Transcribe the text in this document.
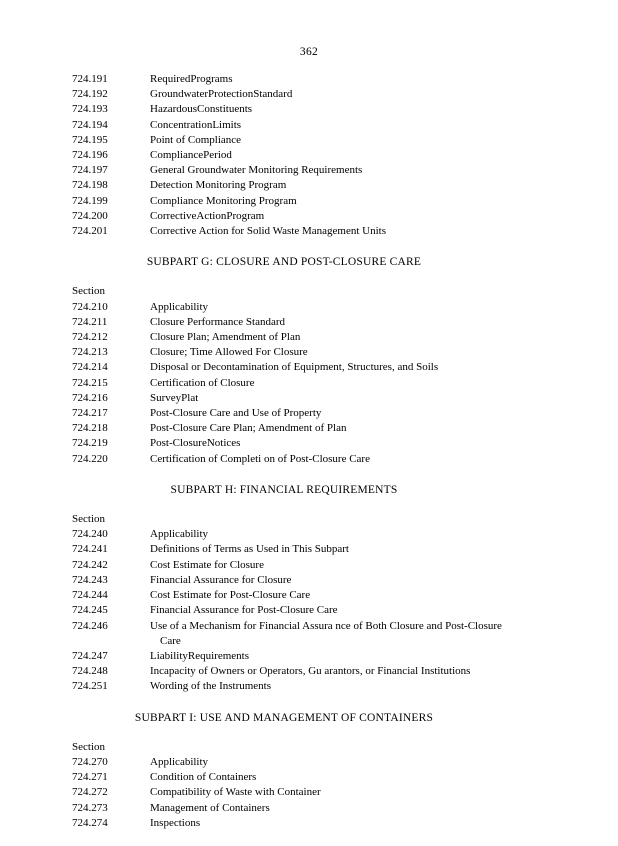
362
724.191	RequiredPrograms
724.192	GroundwaterProtectionStandard
724.193	HazardousConstituents
724.194	ConcentrationLimits
724.195	Point of Compliance
724.196	CompliancePeriod
724.197	General Groundwater Monitoring Requirements
724.198	Detection Monitoring Program
724.199	Compliance Monitoring Program
724.200	CorrectiveActionProgram
724.201	Corrective Action for Solid Waste Management Units
SUBPART G: CLOSURE AND POST-CLOSURE CARE
Section
724.210	Applicability
724.211	Closure Performance Standard
724.212	Closure Plan; Amendment of Plan
724.213	Closure; Time Allowed For Closure
724.214	Disposal or Decontamination of Equipment, Structures, and Soils
724.215	Certification of Closure
724.216	SurveyPlat
724.217	Post-Closure Care and Use of Property
724.218	Post-Closure Care Plan; Amendment of Plan
724.219	Post-ClosureNotices
724.220	Certification of Completi on of Post-Closure Care
SUBPART H: FINANCIAL REQUIREMENTS
Section
724.240	Applicability
724.241	Definitions of Terms as Used in This Subpart
724.242	Cost Estimate for Closure
724.243	Financial Assurance for Closure
724.244	Cost Estimate for Post-Closure Care
724.245	Financial Assurance for Post-Closure Care
724.246	Use of a Mechanism for Financial Assura nce of Both Closure and Post-Closure
Care
724.247	LiabilityRequirements
724.248	Incapacity of Owners or Operators, Gu arantors, or Financial Institutions
724.251	Wording of the Instruments
SUBPART I: USE AND MANAGEMENT OF CONTAINERS
Section
724.270	Applicability
724.271	Condition of Containers
724.272	Compatibility of Waste with Container
724.273	Management of Containers
724.274	Inspections
